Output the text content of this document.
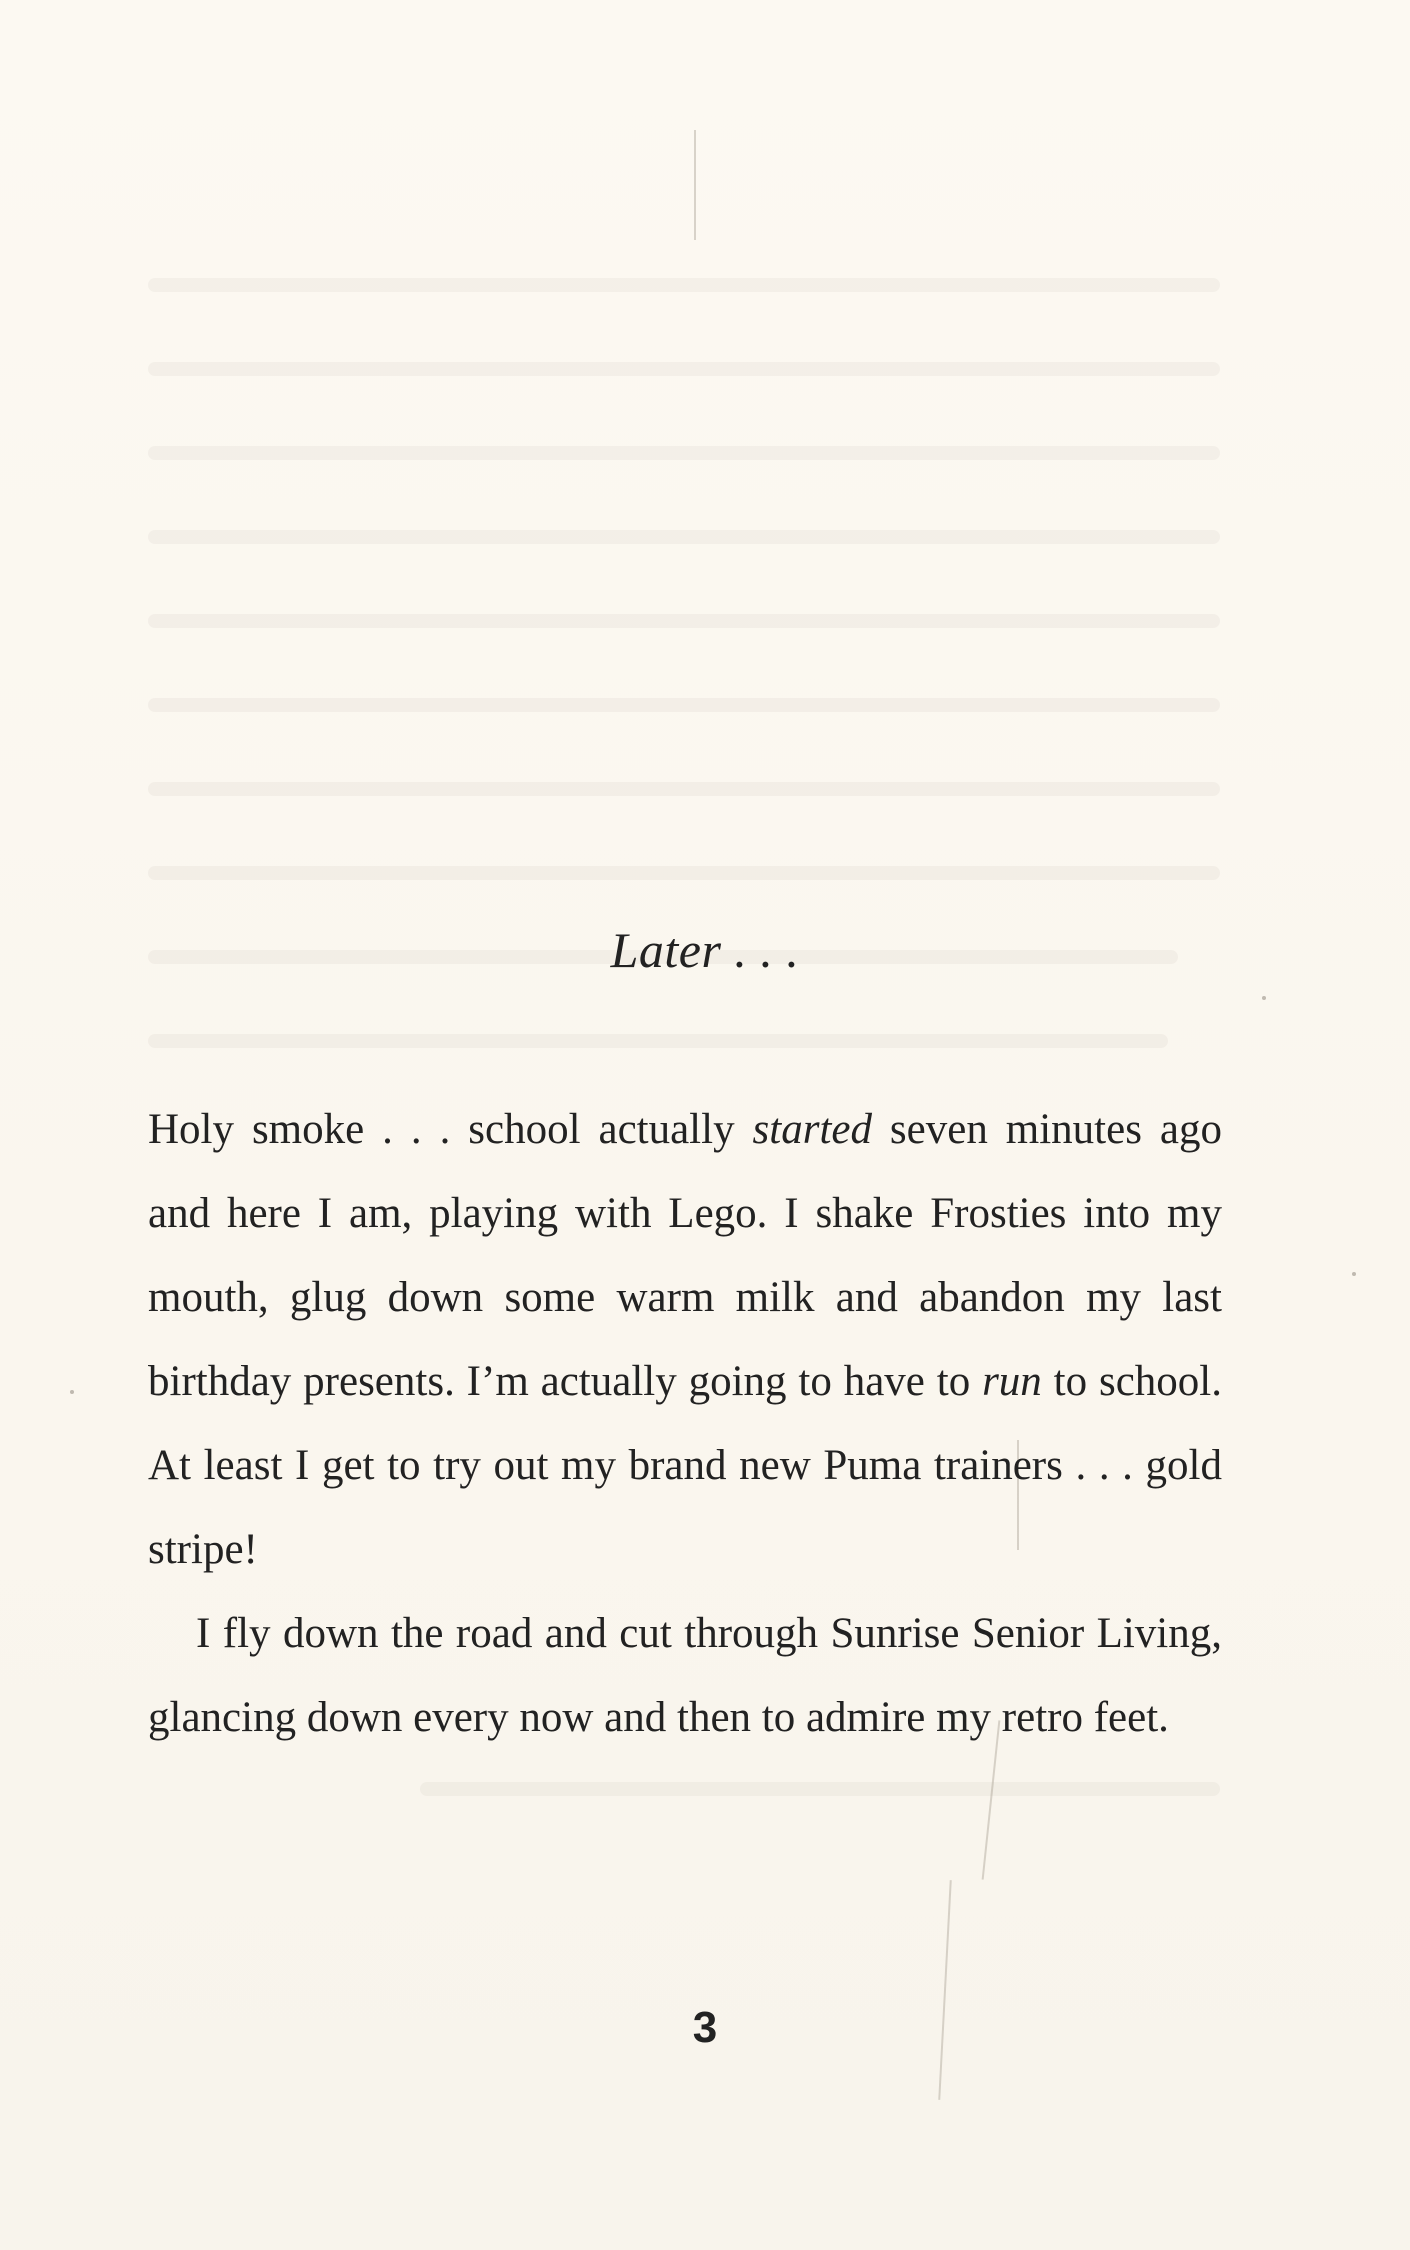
Later . . .

Holy smoke . . . school actually started seven minutes ago and here I am, playing with Lego. I shake Frosties into my mouth, glug down some warm milk and abandon my last birthday presents. I’m actually going to have to run to school. At least I get to try out my brand new Puma trainers . . . gold stripe!

I fly down the road and cut through Sunrise Senior Living, glancing down every now and then to admire my retro feet.

3
